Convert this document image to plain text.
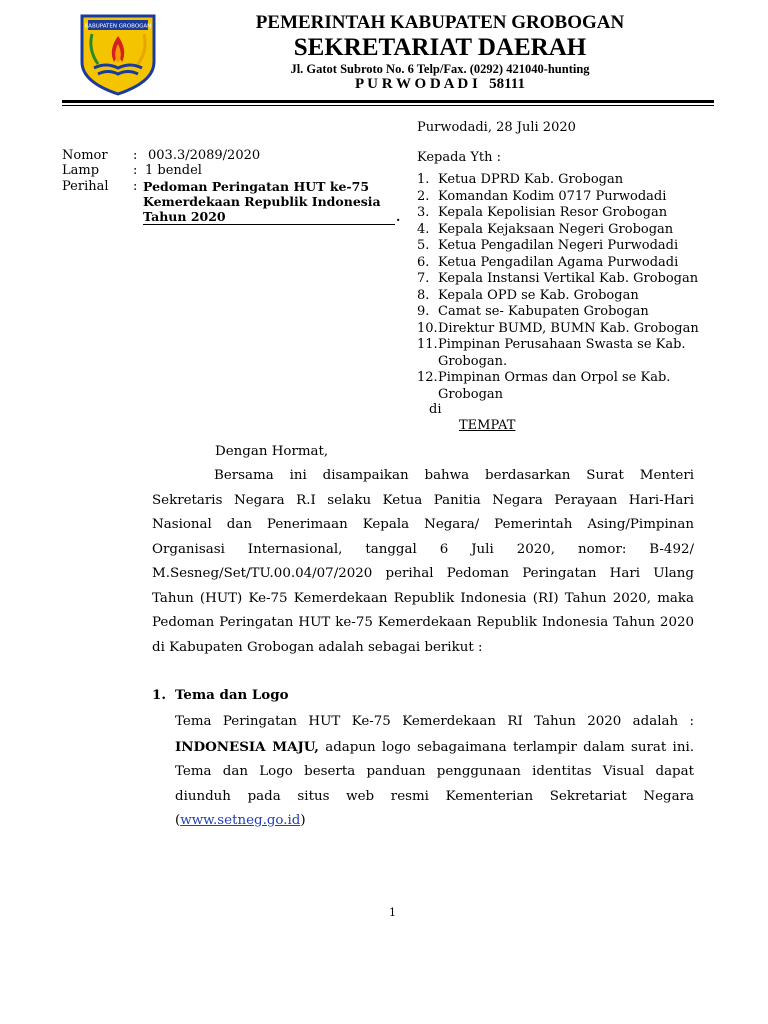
KABUPATEN GROBOGAN	PEMERINTAH KABUPATEN GROBOGAN
SEKRETARIAT DAERAH
Jl. Gatot Subroto No. 6 Telp/Fax. (0292) 421040-hunting
P U R W O D A D I 58111
Purwodadi, 28 Juli 2020
Nomor : 003.3/2089/2020
Lamp	: 1 bendel
Perihal : Pedoman Peringatan HUT ke-75
Kemerdekaan Republik Indonesia
Tahun 2020	.
Kepada Yth :
1. Ketua DPRD Kab. Grobogan
2. Komandan Kodim 0717 Purwodadi
3. Kepala Kepolisian Resor Grobogan
4. Kepala Kejaksaan Negeri Grobogan
5. Ketua Pengadilan Negeri Purwodadi
6. Ketua Pengadilan Agama Purwodadi
7. Kepala Instansi Vertikal Kab. Grobogan
8. Kepala OPD se Kab. Grobogan
9. Camat se- Kabupaten Grobogan
10. Direktur BUMD, BUMN Kab. Grobogan
11. Pimpinan Perusahaan Swasta se Kab. Grobogan.
12. Pimpinan Ormas dan Orpol se Kab. Grobogan
di
TEMPAT
Dengan Hormat,
Bersama ini disampaikan bahwa berdasarkan Surat Menteri Sekretaris Negara R.I selaku Ketua Panitia Negara Perayaan Hari-Hari Nasional dan Penerimaan Kepala Negara/ Pemerintah Asing/Pimpinan Organisasi Internasional, tanggal 6 Juli 2020, nomor: B-492/ M.Sesneg/Set/TU.00.04/07/2020 perihal Pedoman Peringatan Hari Ulang Tahun (HUT) Ke-75 Kemerdekaan Republik Indonesia (RI) Tahun 2020, maka Pedoman Peringatan HUT ke-75 Kemerdekaan Republik Indonesia Tahun 2020 di Kabupaten Grobogan adalah sebagai berikut :
1. Tema dan Logo
Tema Peringatan HUT Ke-75 Kemerdekaan RI Tahun 2020 adalah : INDONESIA MAJU, adapun logo sebagaimana terlampir dalam surat ini. Tema dan Logo beserta panduan penggunaan identitas Visual dapat diunduh pada situs web resmi Kementerian Sekretariat Negara (www.setneg.go.id)
1
